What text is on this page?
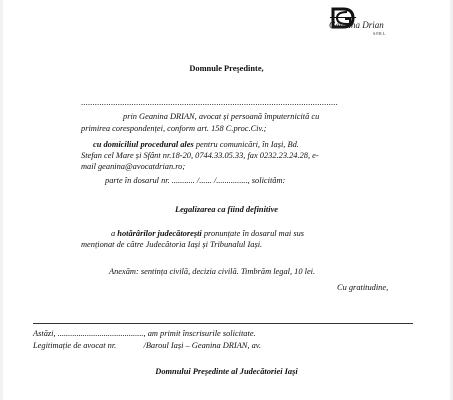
Geanina Drian
S.P.R.L.
Domnule Preşedinte,
................................................................................................................
prin Geanina DRIAN, avocat și persoană împuternicită cu
primirea corespondenței, conform art. 158 C.proc.Civ.;
cu domiciliul procedural ales pentru comunicări, în Iași, Bd.
Stefan cel Mare și Sfânt nr.18-20, 0744.33.05.33, fax 0232.23.24.28, e-
mail geanina@avocatdrian.ro;
parte în dosarul nr. ........... /...... /..............., solicitâm:
Legalizarea ca fiind definitive
a hotărârilor judecătorești pronunțate în dosarul mai sus
menționat de către Judecătoria Iași și Tribunalul Iași.
Anexăm: sentința civilă, decizia civilă. Timbrăm legal, 10 lei.
Cu gratitudine,
Astăzi, ........................................., am primit înscrisurile solicitate.
Legitimație de avocat nr.             /Baroul Iași – Geanina DRIAN, av.
Domnului Președinte al Judecătoriei Iași
